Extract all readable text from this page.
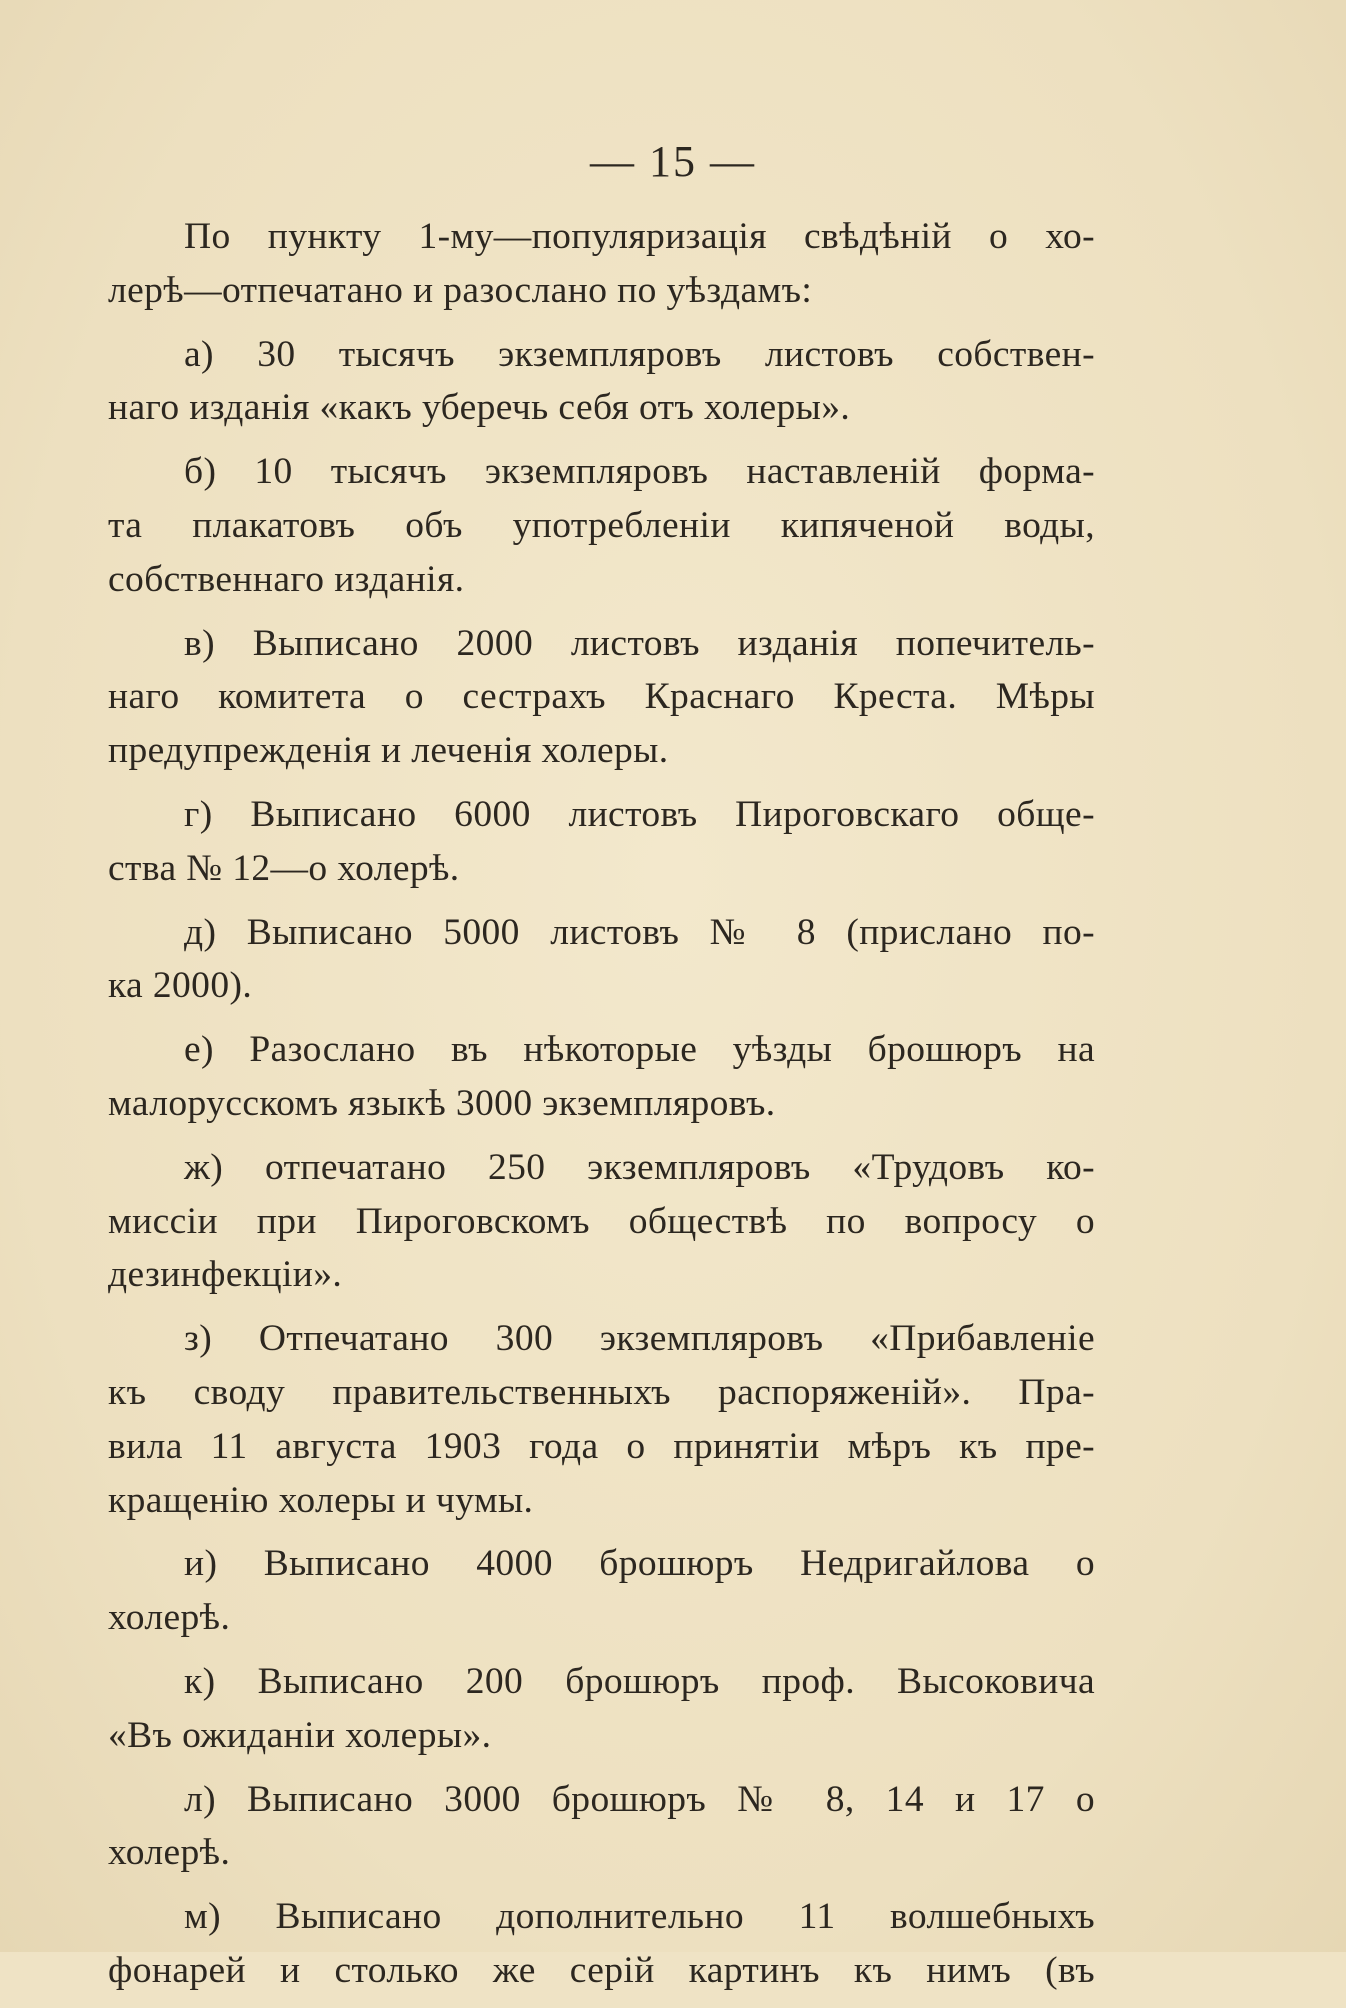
— 15 —

По пункту 1-му—популяризація свѣдѣній о хо-
лерѣ—отпечатано и разослано по уѣздамъ:

а) 30 тысячъ экземпляровъ листовъ собствен-
наго изданія «какъ уберечь себя отъ холеры».

б) 10 тысячъ экземпляровъ наставленій форма-
та плакатовъ объ употребленіи кипяченой воды,
собственнаго изданія.

в) Выписано 2000 листовъ изданія попечитель-
наго комитета о сестрахъ Краснаго Креста. Мѣры
предупрежденія и леченія холеры.

г) Выписано 6000 листовъ Пироговскаго обще-
ства № 12—о холерѣ.

д) Выписано 5000 листовъ № 8 (прислано по-
ка 2000).

е) Разослано въ нѣкоторые уѣзды брошюръ на
малорусскомъ языкѣ 3000 экземпляровъ.

ж) отпечатано 250 экземпляровъ «Трудовъ ко-
миссіи при Пироговскомъ обществѣ по вопросу о
дезинфекціи».

з) Отпечатано 300 экземпляровъ «Прибавленіе
къ своду правительственныхъ распоряженій». Пра-
вила 11 августа 1903 года о принятіи мѣръ къ пре-
кращенію холеры и чумы.

и) Выписано 4000 брошюръ Недригайлова о
холерѣ.

к) Выписано 200 брошюръ проф. Высоковича
«Въ ожиданіи холеры».

л) Выписано 3000 брошюръ № 8, 14 и 17 о
холерѣ.

м) Выписано дополнительно 11 волшебныхъ
фонарей и столько же серій картинъ къ нимъ (въ
